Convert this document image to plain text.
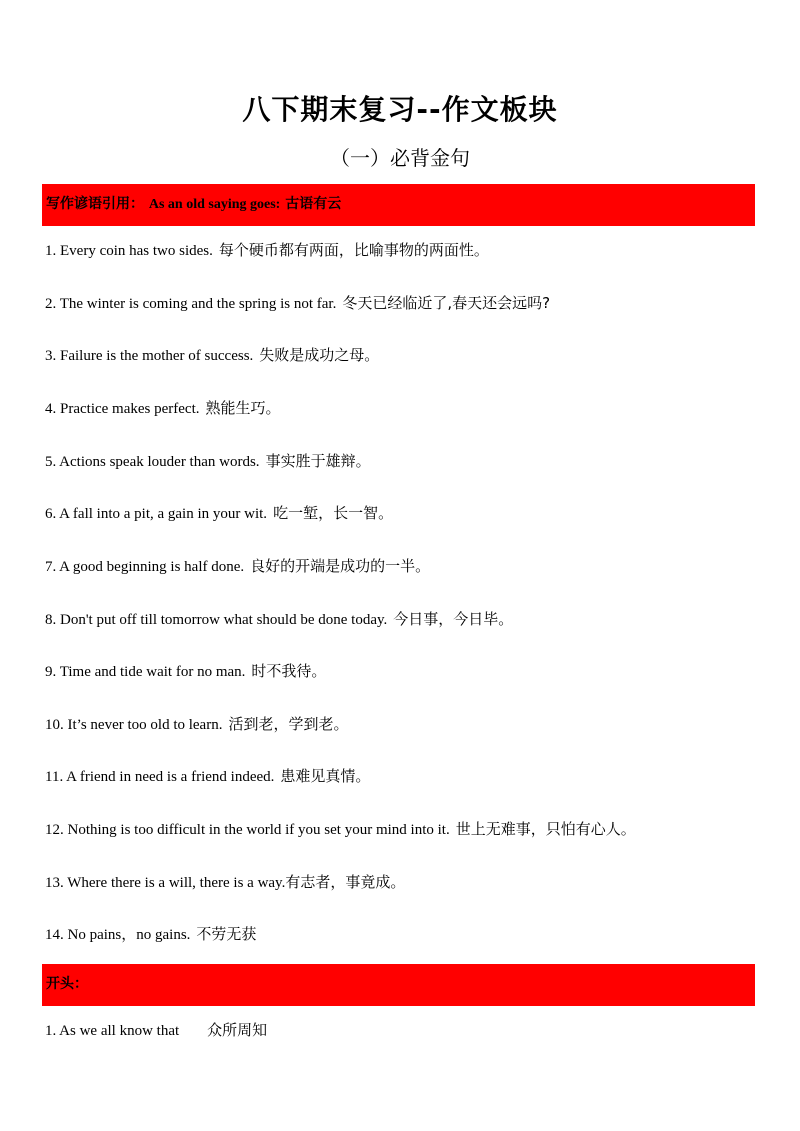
八下期末复习--作文板块
（一）必背金句
写作谚语引用： As an old saying goes: 古语有云
1. Every coin has two sides. 每个硬币都有两面，比喻事物的两面性。
2. The winter is coming and the spring is not far. 冬天已经临近了,春天还会远吗?
3. Failure is the mother of success. 失败是成功之母。
4. Practice makes perfect. 熟能生巧。
5. Actions speak louder than words. 事实胜于雄辩。
6. A fall into a pit, a gain in your wit. 吃一堑，长一智。
7. A good beginning is half done. 良好的开端是成功的一半。
8. Don't put off till tomorrow what should be done today. 今日事，今日毕。
9. Time and tide wait for no man. 时不我待。
10. It’s never too old to learn. 活到老，学到老。
11. A friend in need is a friend indeed. 患难见真情。
12. Nothing is too difficult in the world if you set your mind into it. 世上无难事，只怕有心人。
13. Where there is a will, there is a way.有志者，事竟成。
14. No pains，no gains. 不劳无获
开头：
1. As we all know that 众所周知
